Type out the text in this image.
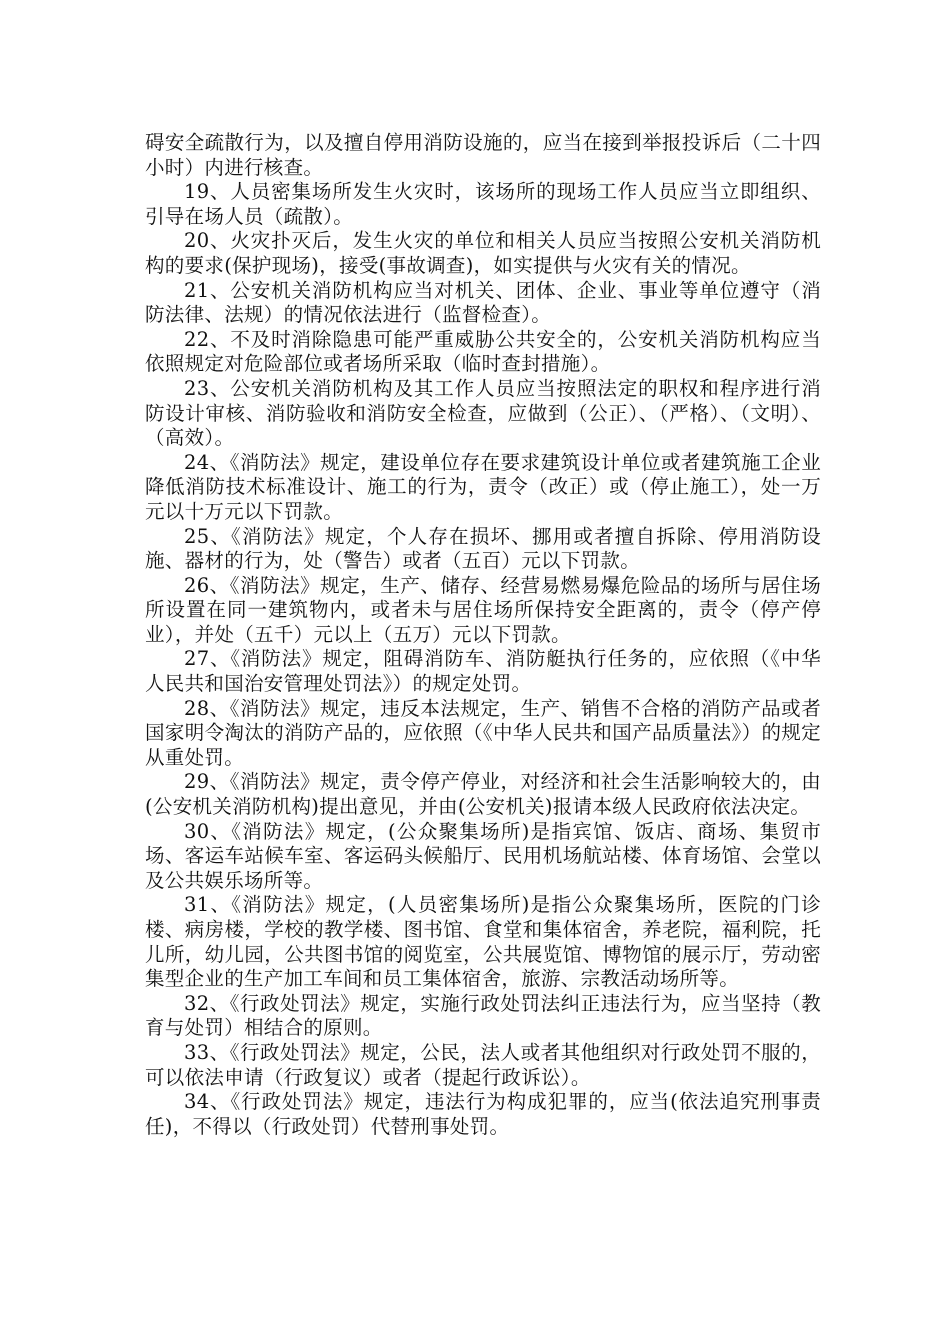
碍安全疏散行为，以及擅自停用消防设施的，应当在接到举报投诉后（二十四小时）内进行核查。

19、人员密集场所发生火灾时，该场所的现场工作人员应当立即组织、引导在场人员（疏散）。

20、火灾扑灭后，发生火灾的单位和相关人员应当按照公安机关消防机构的要求(保护现场)，接受(事故调查)，如实提供与火灾有关的情况。

21、公安机关消防机构应当对机关、团体、企业、事业等单位遵守（消防法律、法规）的情况依法进行（监督检查）。

22、不及时消除隐患可能严重威胁公共安全的，公安机关消防机构应当依照规定对危险部位或者场所采取（临时查封措施）。

23、公安机关消防机构及其工作人员应当按照法定的职权和程序进行消防设计审核、消防验收和消防安全检查，应做到（公正）、（严格）、（文明）、（高效）。

24、《消防法》规定，建设单位存在要求建筑设计单位或者建筑施工企业降低消防技术标准设计、施工的行为，责令（改正）或（停止施工），处一万元以十万元以下罚款。

25、《消防法》规定，个人存在损坏、挪用或者擅自拆除、停用消防设施、器材的行为，处（警告）或者（五百）元以下罚款。

26、《消防法》规定，生产、储存、经营易燃易爆危险品的场所与居住场所设置在同一建筑物内，或者未与居住场所保持安全距离的，责令（停产停业），并处（五千）元以上（五万）元以下罚款。

27、《消防法》规定，阻碍消防车、消防艇执行任务的，应依照（《中华人民共和国治安管理处罚法》）的规定处罚。

28、《消防法》规定，违反本法规定，生产、销售不合格的消防产品或者国家明令淘汰的消防产品的，应依照（《中华人民共和国产品质量法》）的规定从重处罚。

29、《消防法》规定，责令停产停业，对经济和社会生活影响较大的，由(公安机关消防机构)提出意见，并由(公安机关)报请本级人民政府依法决定。

30、《消防法》规定，(公众聚集场所)是指宾馆、饭店、商场、集贸市场、客运车站候车室、客运码头候船厅、民用机场航站楼、体育场馆、会堂以及公共娱乐场所等。

31、《消防法》规定，(人员密集场所)是指公众聚集场所，医院的门诊楼、病房楼，学校的教学楼、图书馆、食堂和集体宿舍，养老院，福利院，托儿所，幼儿园，公共图书馆的阅览室，公共展览馆、博物馆的展示厅，劳动密集型企业的生产加工车间和员工集体宿舍，旅游、宗教活动场所等。

32、《行政处罚法》规定，实施行政处罚法纠正违法行为，应当坚持（教育与处罚）相结合的原则。

33、《行政处罚法》规定，公民，法人或者其他组织对行政处罚不服的，可以依法申请（行政复议）或者（提起行政诉讼）。

34、《行政处罚法》规定，违法行为构成犯罪的，应当(依法追究刑事责任)，不得以（行政处罚）代替刑事处罚。
